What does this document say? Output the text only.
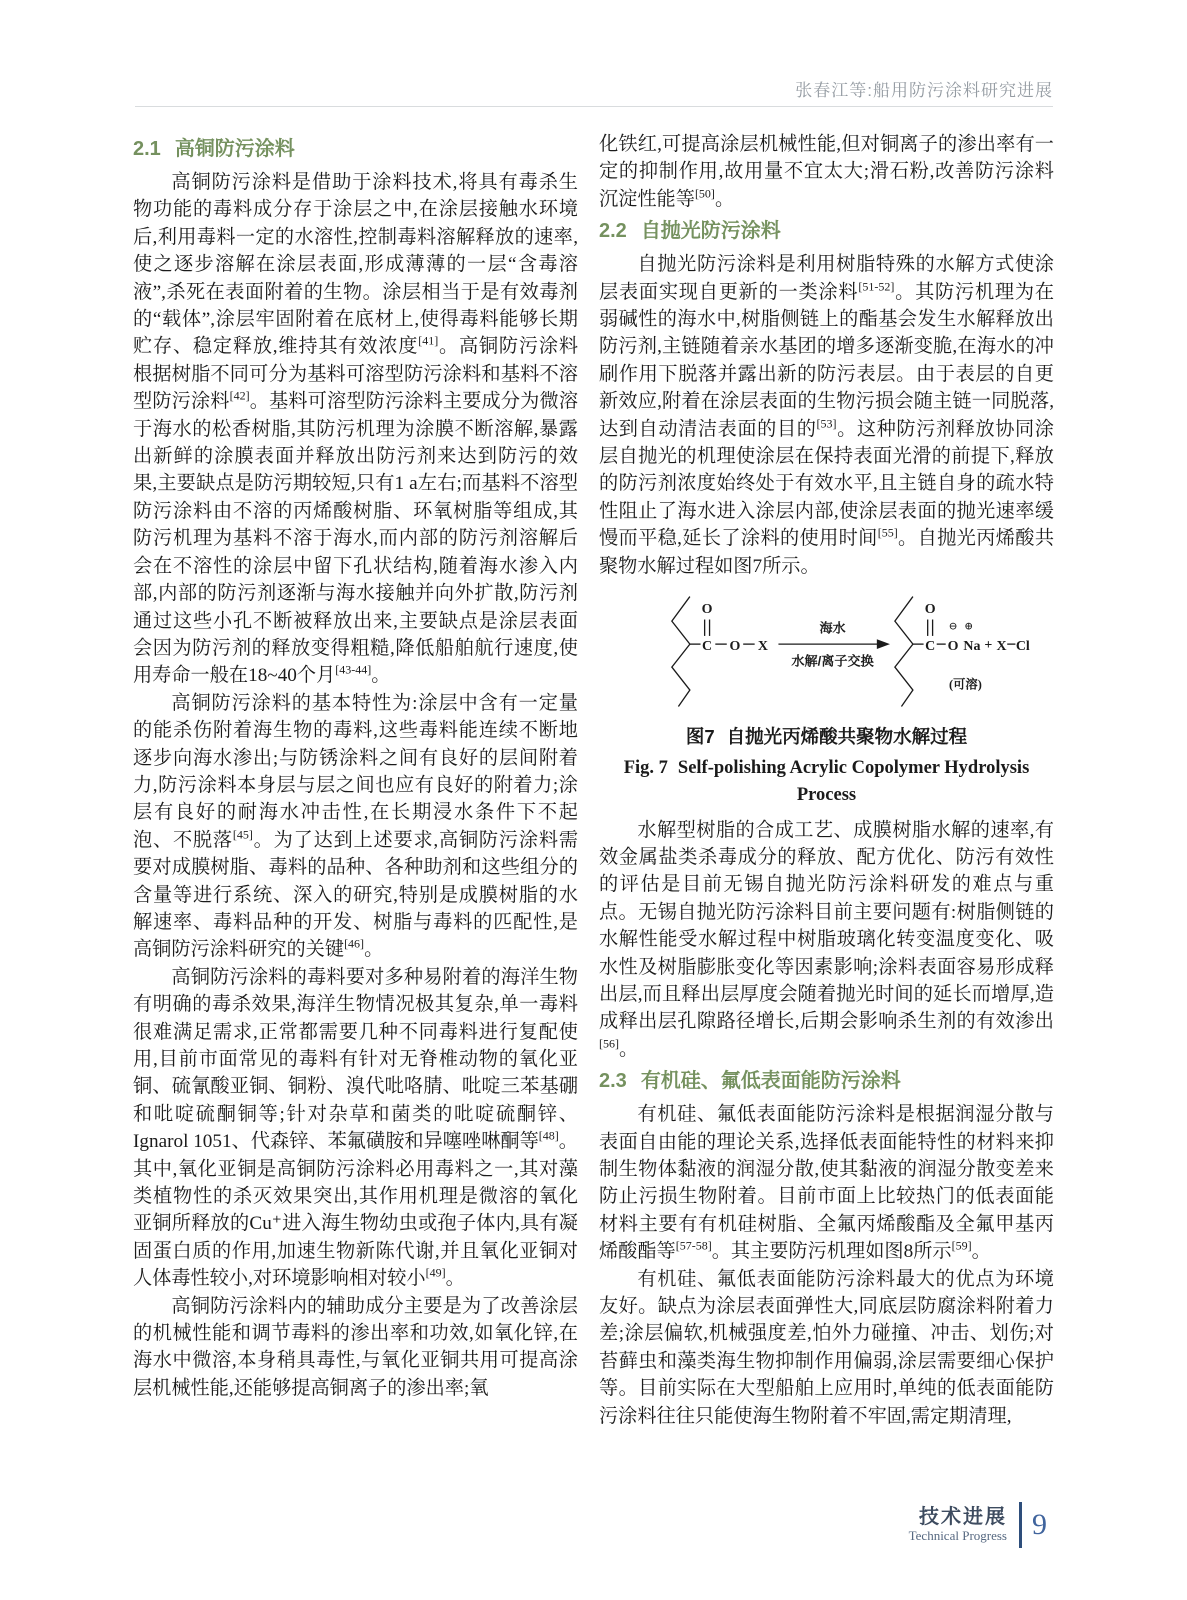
张春江等:船用防污涂料研究进展
2.1 高铜防污涂料

高铜防污涂料是借助于涂料技术,将具有毒杀生物功能的毒料成分存于涂层之中,在涂层接触水环境后,利用毒料一定的水溶性,控制毒料溶解释放的速率,使之逐步溶解在涂层表面,形成薄薄的一层“含毒溶液”,杀死在表面附着的生物。涂层相当于是有效毒剂的“载体”,涂层牢固附着在底材上,使得毒料能够长期贮存、稳定释放,维持其有效浓度[41]。高铜防污涂料根据树脂不同可分为基料可溶型防污涂料和基料不溶型防污涂料[42]。基料可溶型防污涂料主要成分为微溶于海水的松香树脂,其防污机理为涂膜不断溶解,暴露出新鲜的涂膜表面并释放出防污剂来达到防污的效果,主要缺点是防污期较短,只有1 a左右;而基料不溶型防污涂料由不溶的丙烯酸树脂、环氧树脂等组成,其防污机理为基料不溶于海水,而内部的防污剂溶解后会在不溶性的涂层中留下孔状结构,随着海水渗入内部,内部的防污剂逐渐与海水接触并向外扩散,防污剂通过这些小孔不断被释放出来,主要缺点是涂层表面会因为防污剂的释放变得粗糙,降低船舶航行速度,使用寿命一般在18~40个月[43-44]。

高铜防污涂料的基本特性为:涂层中含有一定量的能杀伤附着海生物的毒料,这些毒料能连续不断地逐步向海水渗出;与防锈涂料之间有良好的层间附着力,防污涂料本身层与层之间也应有良好的附着力;涂层有良好的耐海水冲击性,在长期浸水条件下不起泡、不脱落[45]。为了达到上述要求,高铜防污涂料需要对成膜树脂、毒料的品种、各种助剂和这些组分的含量等进行系统、深入的研究,特别是成膜树脂的水解速率、毒料品种的开发、树脂与毒料的匹配性,是高铜防污涂料研究的关键[46]。

高铜防污涂料的毒料要对多种易附着的海洋生物有明确的毒杀效果,海洋生物情况极其复杂,单一毒料很难满足需求,正常都需要几种不同毒料进行复配使用,目前市面常见的毒料有针对无脊椎动物的氧化亚铜、硫氰酸亚铜、铜粉、溴代吡咯腈、吡啶三苯基硼和吡啶硫酮铜等;针对杂草和菌类的吡啶硫酮锌、Ignarol 1051、代森锌、苯氟磺胺和异噻唑啉酮等[48]。其中,氧化亚铜是高铜防污涂料必用毒料之一,其对藻类植物性的杀灭效果突出,其作用机理是微溶的氧化亚铜所释放的Cu⁺进入海生物幼虫或孢子体内,具有凝固蛋白质的作用,加速生物新陈代谢,并且氧化亚铜对人体毒性较小,对环境影响相对较小[49]。

高铜防污涂料内的辅助成分主要是为了改善涂层的机械性能和调节毒料的渗出率和功效,如氧化锌,在海水中微溶,本身稍具毒性,与氧化亚铜共用可提高涂层机械性能,还能够提高铜离子的渗出率;氧

化铁红,可提高涂层机械性能,但对铜离子的渗出率有一定的抑制作用,故用量不宜太大;滑石粉,改善防污涂料沉淀性能等[50]。

2.2 自抛光防污涂料

自抛光防污涂料是利用树脂特殊的水解方式使涂层表面实现自更新的一类涂料[51-52]。其防污机理为在弱碱性的海水中,树脂侧链上的酯基会发生水解释放出防污剂,主链随着亲水基团的增多逐渐变脆,在海水的冲刷作用下脱落并露出新的防污表层。由于表层的自更新效应,附着在涂层表面的生物污损会随主链一同脱落,达到自动清洁表面的目的[53]。这种防污剂释放协同涂层自抛光的机理使涂层在保持表面光滑的前提下,释放的防污剂浓度始终处于有效水平,且主链自身的疏水特性阻止了海水进入涂层内部,使涂层表面的抛光速率缓慢而平稳,延长了涂料的使用时间[55]。自抛光丙烯酸共聚物水解过程如图7所示。

C
O
O X
海水
水解/离子交换
C
O
O
⊖
Na
⊕
+ X Cl
(可溶)

图7 自抛光丙烯酸共聚物水解过程

Fig. 7 Self-polishing Acrylic Copolymer Hydrolysis Process

水解型树脂的合成工艺、成膜树脂水解的速率,有效金属盐类杀毒成分的释放、配方优化、防污有效性的评估是目前无锡自抛光防污涂料研发的难点与重点。无锡自抛光防污涂料目前主要问题有:树脂侧链的水解性能受水解过程中树脂玻璃化转变温度变化、吸水性及树脂膨胀变化等因素影响;涂料表面容易形成释出层,而且释出层厚度会随着抛光时间的延长而增厚,造成释出层孔隙路径增长,后期会影响杀生剂的有效渗出[56]。

2.3 有机硅、氟低表面能防污涂料

有机硅、氟低表面能防污涂料是根据润湿分散与表面自由能的理论关系,选择低表面能特性的材料来抑制生物体黏液的润湿分散,使其黏液的润湿分散变差来防止污损生物附着。目前市面上比较热门的低表面能材料主要有有机硅树脂、全氟丙烯酸酯及全氟甲基丙烯酸酯等[57-58]。其主要防污机理如图8所示[59]。

有机硅、氟低表面能防污涂料最大的优点为环境友好。缺点为涂层表面弹性大,同底层防腐涂料附着力差;涂层偏软,机械强度差,怕外力碰撞、冲击、划伤;对苔藓虫和藻类海生物抑制作用偏弱,涂层需要细心保护等。目前实际在大型船舶上应用时,单纯的低表面能防污涂料往往只能使海生物附着不牢固,需定期清理,

技术进展
Technical Progress 9
